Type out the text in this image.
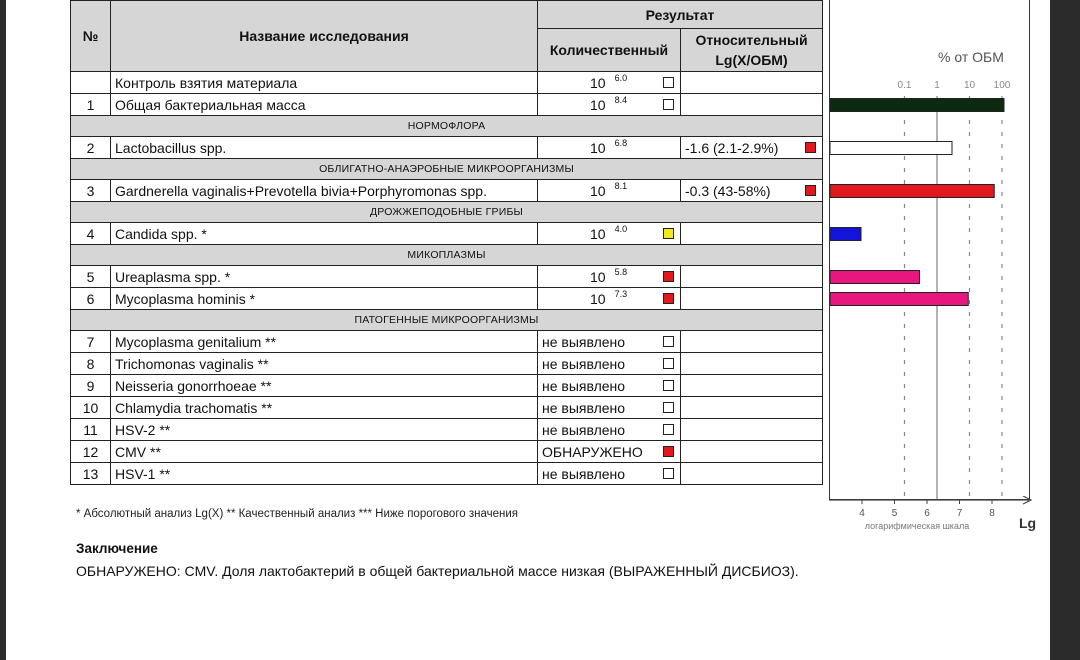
№	Название исследования	Результат	
		Количественный	Относительный
Lg(X/ОБМ)
	Контроль взятия материала	10 6.0	

1	Общая бактериальная масса	10 8.4	

НОРМОФЛОРА			
2	Lactobacillus spp.	10 6.8	-1.6 (2.1-2.9%)

ОБЛИГАТНО-АНАЭРОБНЫЕ МИКРООРГАНИЗМЫ			
3	Gardnerella vaginalis+Prevotella bivia+Porphyromonas spp.	10 8.1	-0.3 (43-58%)

ДРОЖЖЕПОДОБНЫЕ ГРИБЫ			
4	Candida spp. *	10 4.0	

МИКОПЛАЗМЫ			
5	Ureaplasma spp. *	10 5.8	

6	Mycoplasma hominis *	10 7.3	

ПАТОГЕННЫЕ МИКРООРГАНИЗМЫ			
7	Mycoplasma genitalium **	не выявлено	

8	Trichomonas vaginalis **	не выявлено	

9	Neisseria gonorrhoeae **	не выявлено	

10	Chlamydia trachomatis **	не выявлено	

11	HSV-2 **	не выявлено	

12	CMV **	ОБНАРУЖЕНО	

13	HSV-1 **	не выявлено	

% от ОБМ
0.1 1 10 100
* Абсолютный анализ Lg(X) ** Качественный анализ *** Ниже порогового значения
Заключение
ОБНАРУЖЕНО: CMV. Доля лактобактерий в общей бактериальной массе низкая (ВЫРАЖЕННЫЙ ДИСБИОЗ).
4	5	6	7	8
логарифмическая шкала	Lg
